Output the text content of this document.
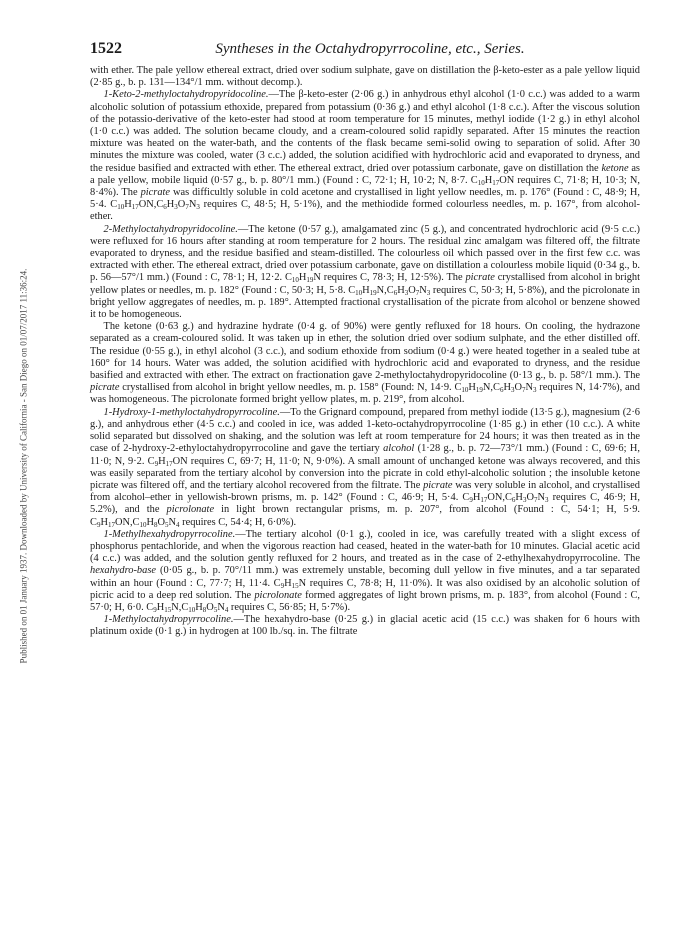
Published on 01 January 1937. Downloaded by University of California - San Diego on 01/07/2017 11:36:24.
1522	Syntheses in the Octahydropyrrocoline, etc., Series.

with ether. The pale yellow ethereal extract, dried over sodium sulphate, gave on distillation the β-keto-ester as a pale yellow liquid (2·85 g., b. p. 131—134°/1 mm. without decomp.).

1-Keto-2-methyloctahydropyridocoline.—The β-keto-ester (2·06 g.) in anhydrous ethyl alcohol (1·0 c.c.) was added to a warm alcoholic solution of potassium ethoxide, prepared from potassium (0·36 g.) and ethyl alcohol (1·8 c.c.). After the viscous solution of the potassio-derivative of the keto-ester had stood at room temperature for 15 minutes, methyl iodide (1·2 g.) in ethyl alcohol (1·0 c.c.) was added. The solution became cloudy, and a cream-coloured solid rapidly separated. After 15 minutes the reaction mixture was heated on the water-bath, and the contents of the flask became semi-solid owing to separation of solid. After 30 minutes the mixture was cooled, water (3 c.c.) added, the solution acidified with hydrochloric acid and evaporated to dryness, and the residue basified and extracted with ether. The ethereal extract, dried over potassium carbonate, gave on distillation the ketone as a pale yellow, mobile liquid (0·57 g., b. p. 80°/1 mm.) (Found : C, 72·1; H, 10·2; N, 8·7. $C_{10}H_{17}ON$ requires C, 71·8; H, 10·3; N, 8·4%). The picrate was difficultly soluble in cold acetone and crystallised in light yellow needles, m. p. 176° (Found : C, 48·9; H, 5·4. $C_{10}H_{17}ON,C_6H_3O_7N_3$ requires C, 48·5; H, 5·1%), and the methiodide formed colourless needles, m. p. 167°, from alcohol-ether.

2-Methyloctahydropyridocoline.—The ketone (0·57 g.), amalgamated zinc (5 g.), and concentrated hydrochloric acid (9·5 c.c.) were refluxed for 16 hours after standing at room temperature for 2 hours. The residual zinc amalgam was filtered off, the filtrate evaporated to dryness, and the residue basified and steam-distilled. The colourless oil which passed over in the first few c.c. was extracted with ether. The ethereal extract, dried over potassium carbonate, gave on distillation a colourless mobile liquid (0·34 g., b. p. 56—57°/1 mm.) (Found : C, 78·1; H, 12·2. $C_{10}H_{19}N$ requires C, 78·3; H, 12·5%). The picrate crystallised from alcohol in bright yellow plates or needles, m. p. 182° (Found : C, 50·3; H, 5·8. $C_{10}H_{19}N,C_6H_3O_7N_3$ requires C, 50·3; H, 5·8%), and the picrolonate in bright yellow aggregates of needles, m. p. 189°. Attempted fractional crystallisation of the picrate from alcohol or benzene showed it to be homogeneous.

The ketone (0·63 g.) and hydrazine hydrate (0·4 g. of 90%) were gently refluxed for 18 hours. On cooling, the hydrazone separated as a cream-coloured solid. It was taken up in ether, the solution dried over sodium sulphate, and the ether distilled off. The residue (0·55 g.), in ethyl alcohol (3 c.c.), and sodium ethoxide from sodium (0·4 g.) were heated together in a sealed tube at 160° for 14 hours. Water was added, the solution acidified with hydrochloric acid and evaporated to dryness, and the residue basified and extracted with ether. The extract on fractionation gave 2-methyloctahydropyridocoline (0·13 g., b. p. 58°/1 mm.). The picrate crystallised from alcohol in bright yellow needles, m. p. 158° (Found: N, 14·9. $C_{10}H_{19}N,C_6H_3O_7N_3$ requires N, 14·7%), and was homogeneous. The picrolonate formed bright yellow plates, m. p. 219°, from alcohol.

1-Hydroxy-1-methyloctahydropyrrocoline.—To the Grignard compound, prepared from methyl iodide (13·5 g.), magnesium (2·6 g.), and anhydrous ether (4·5 c.c.) and cooled in ice, was added 1-keto-octahydropyrrocoline (1·85 g.) in ether (10 c.c.). A white solid separated but dissolved on shaking, and the solution was left at room temperature for 24 hours; it was then treated as in the case of 2-hydroxy-2-ethyloctahydropyrrocoline and gave the tertiary alcohol (1·28 g., b. p. 72—73°/1 mm.) (Found : C, 69·6; H, 11·0; N, 9·2. $C_9H_{17}ON$ requires C, 69·7; H, 11·0; N, 9·0%). A small amount of unchanged ketone was always recovered, and this was easily separated from the tertiary alcohol by conversion into the picrate in cold ethyl-alcoholic solution ; the insoluble ketone picrate was filtered off, and the tertiary alcohol recovered from the filtrate. The picrate was very soluble in alcohol, and crystallised from alcohol–ether in yellowish-brown prisms, m. p. 142° (Found : C, 46·9; H, 5·4. $C_9H_{17}ON,C_6H_3O_7N_3$ requires C, 46·9; H, 5.2%), and the picrolonate in light brown rectangular prisms, m. p. 207°, from alcohol (Found : C, 54·1; H, 5·9. $C_9H_{17}ON,C_{10}H_8O_5N_4$ requires C, 54·4; H, 6·0%).

1-Methylhexahydropyrrocoline.—The tertiary alcohol (0·1 g.), cooled in ice, was carefully treated with a slight excess of phosphorus pentachloride, and when the vigorous reaction had ceased, heated in the water-bath for 10 minutes. Glacial acetic acid (4 c.c.) was added, and the solution gently refluxed for 2 hours, and treated as in the case of 2-ethylhexahydropyrrocoline. The hexahydro-base (0·05 g., b. p. 70°/11 mm.) was extremely unstable, becoming dull yellow in five minutes, and a tar separated within an hour (Found : C, 77·7; H, 11·4. $C_9H_{15}N$ requires C, 78·8; H, 11·0%). It was also oxidised by an alcoholic solution of picric acid to a deep red solution. The picrolonate formed aggregates of light brown prisms, m. p. 183°, from alcohol (Found : C, 57·0; H, 6·0. $C_9H_{15}N,C_{10}H_8O_5N_4$ requires C, 56·85; H, 5·7%).

1-Methyloctahydropyrrocoline.—The hexahydro-base (0·25 g.) in glacial acetic acid (15 c.c.) was shaken for 6 hours with platinum oxide (0·1 g.) in hydrogen at 100 lb./sq. in. The filtrate
